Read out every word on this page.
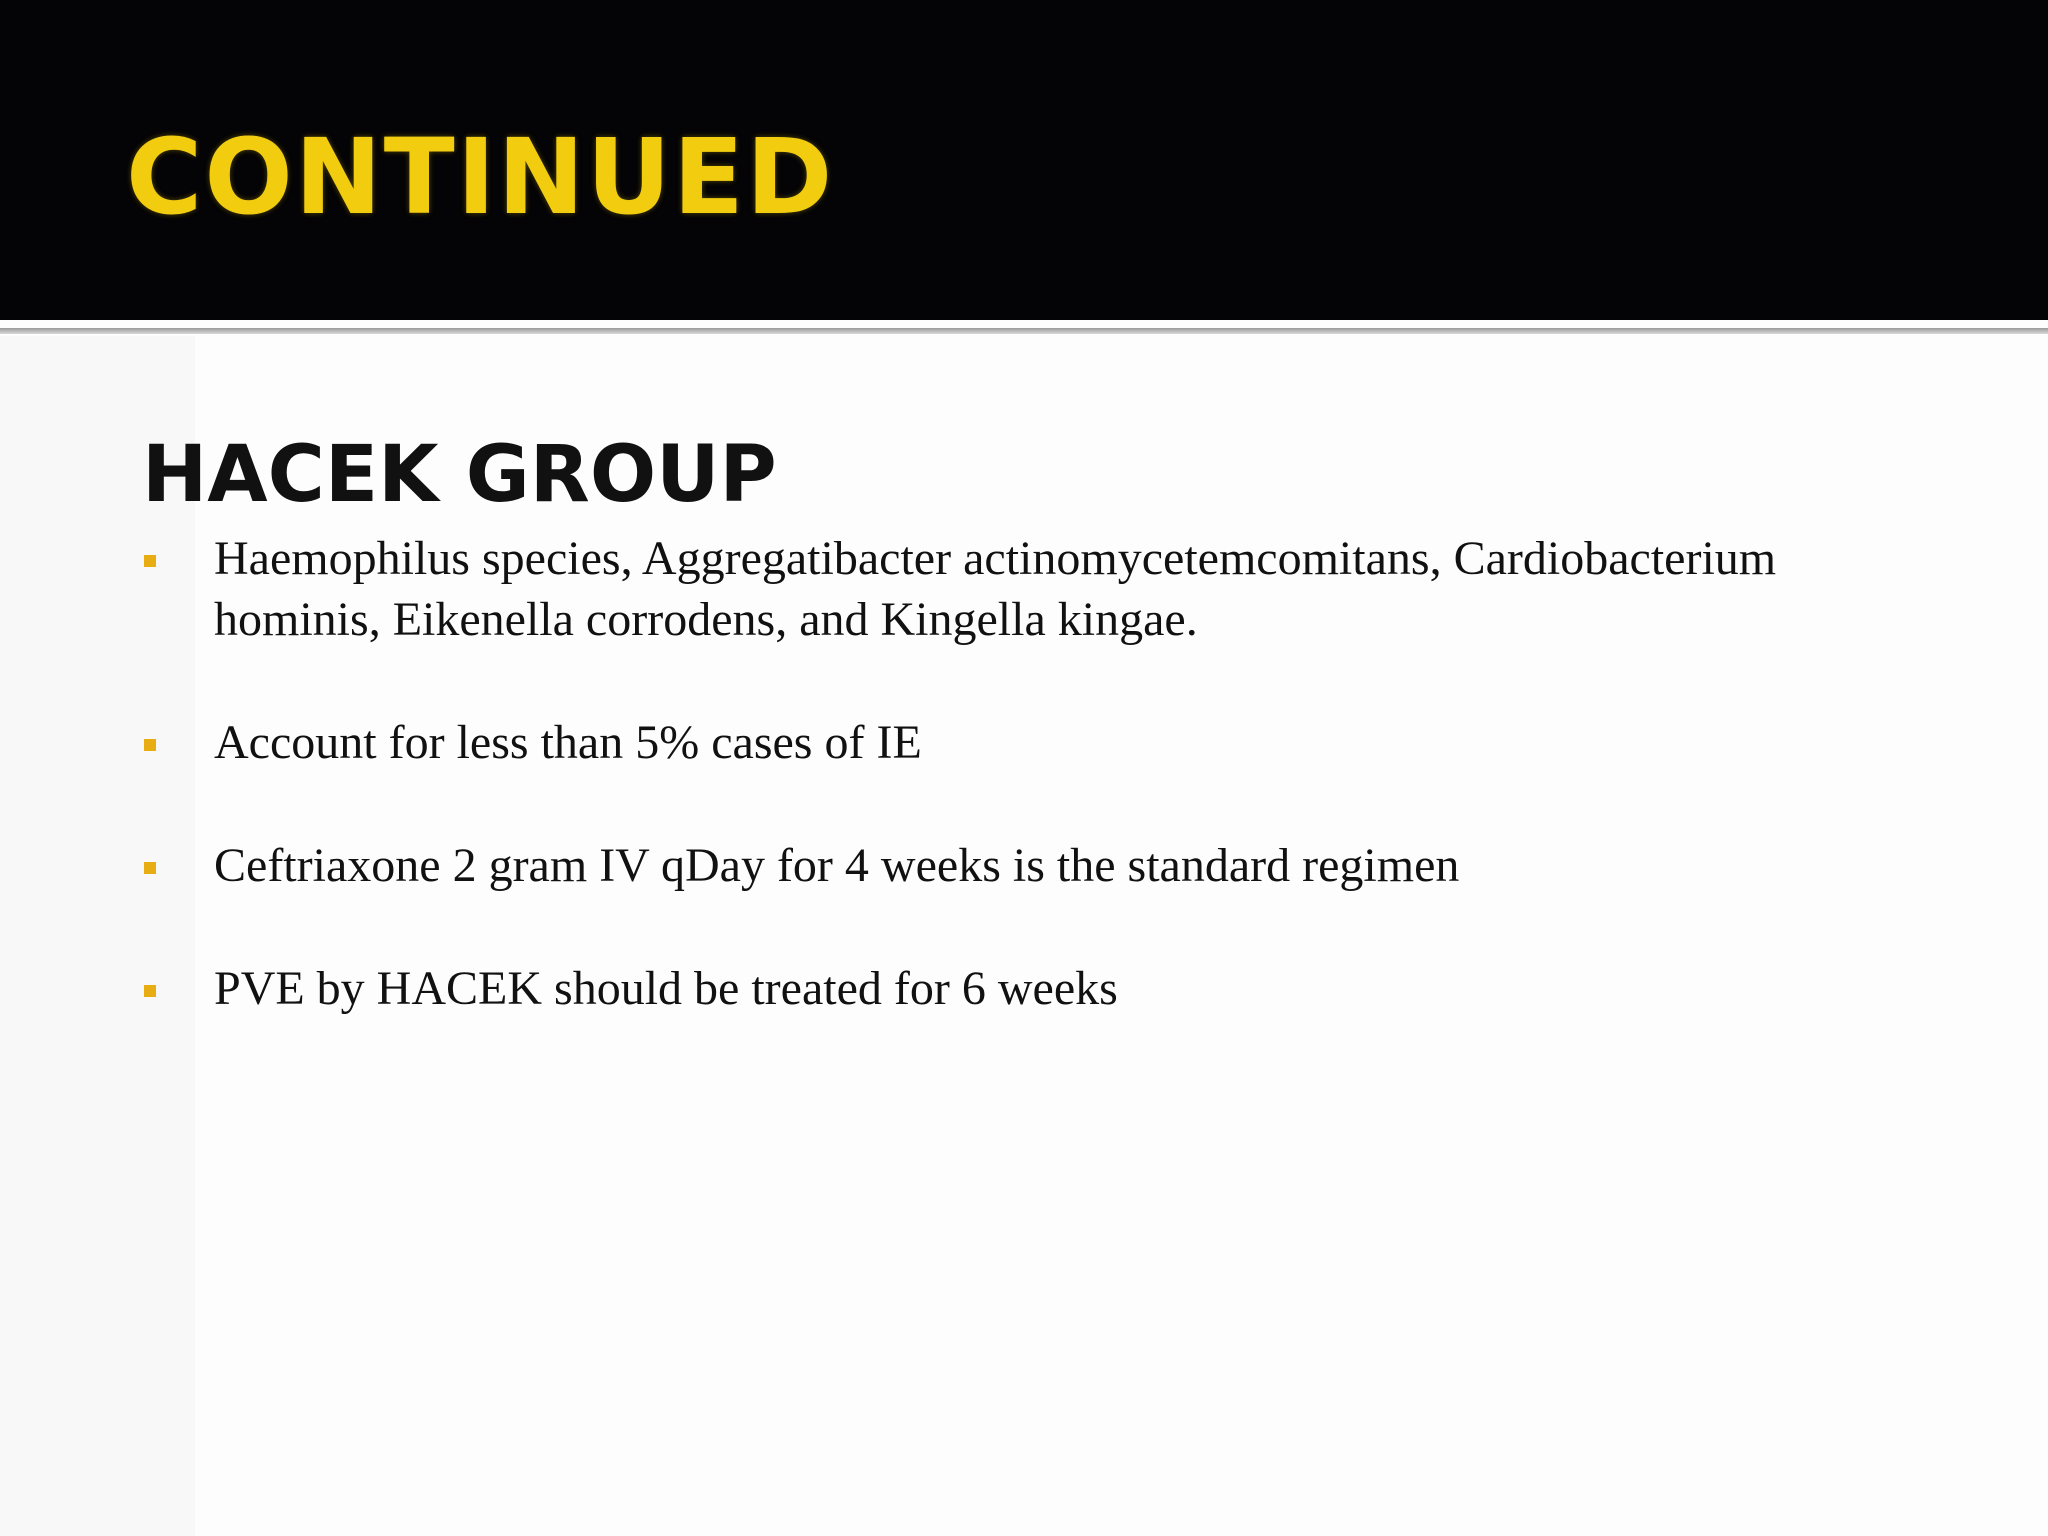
CONTINUED
HACEK GROUP
Haemophilus species, Aggregatibacter actinomycetemcomitans, Cardiobacterium hominis, Eikenella corrodens, and Kingella kingae.
Account for less than 5% cases of IE
Ceftriaxone 2 gram IV qDay for 4 weeks is the standard regimen
PVE by HACEK should be treated for 6 weeks
